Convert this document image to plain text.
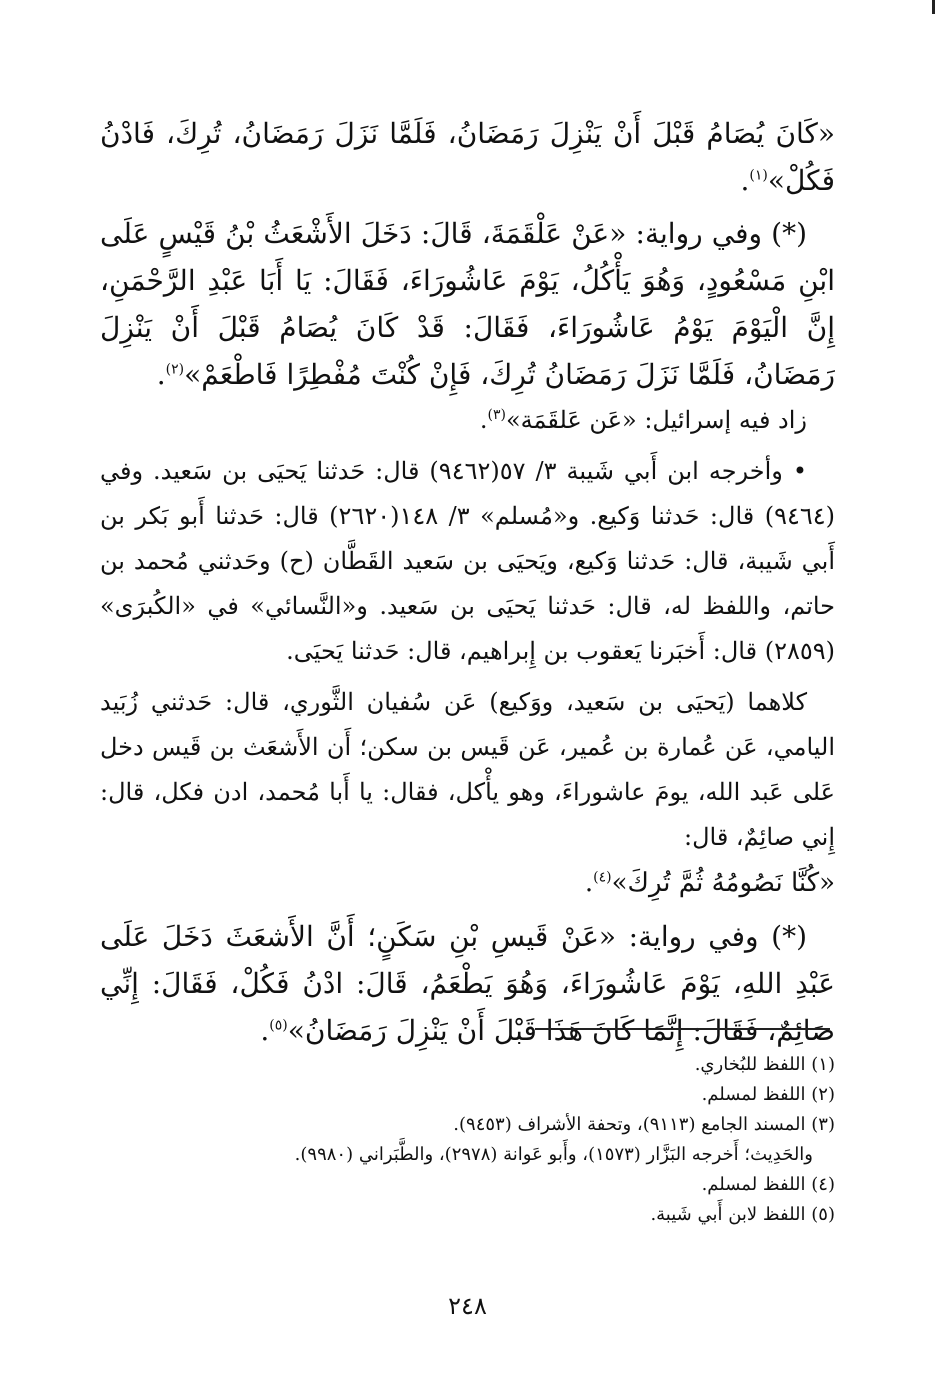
«كَانَ يُصَامُ قَبْلَ أَنْ يَنْزِلَ رَمَضَانُ، فَلَمَّا نَزَلَ رَمَضَانُ، تُرِكَ، فَادْنُ فَكُلْ»$^{(١)}$.

(*) وفي رواية: «عَنْ عَلْقَمَةَ، قَالَ: دَخَلَ الأَشْعَثُ بْنُ قَيْسٍ عَلَى ابْنِ مَسْعُودٍ، وَهُوَ يَأْكُلُ، يَوْمَ عَاشُورَاءَ، فَقَالَ: يَا أَبَا عَبْدِ الرَّحْمَنِ، إِنَّ الْيَوْمَ يَوْمُ عَاشُورَاءَ، فَقَالَ: قَدْ كَانَ يُصَامُ قَبْلَ أَنْ يَنْزِلَ رَمَضَانُ، فَلَمَّا نَزَلَ رَمَضَانُ تُرِكَ، فَإِنْ كُنْتَ مُفْطِرًا فَاطْعَمْ»$^{(٢)}$.

زاد فيه إسرائيل: «عَن عَلقَمَة»$^{(٣)}$.

• وأخرجه ابن أَبي شَيبة ٣/ ٥٧(٩٤٦٢) قال: حَدثنا يَحيَى بن سَعيد. وفي (٩٤٦٤) قال: حَدثنا وَكيع. و«مُسلم» ٣/ ١٤٨(٢٦٢٠) قال: حَدثنا أَبو بَكر بن أَبي شَيبة، قال: حَدثنا وَكيع، ويَحيَى بن سَعيد القَطَّان (ح) وحَدثني مُحمد بن حاتم، واللفظ له، قال: حَدثنا يَحيَى بن سَعيد. و«النَّسائي» في «الكُبرَى» (٢٨٥٩) قال: أَخبَرنا يَعقوب بن إِبراهيم، قال: حَدثنا يَحيَى.

كلاهما (يَحيَى بن سَعيد، ووَكيع) عَن سُفيان الثَّوري، قال: حَدثني زُبَيد اليامي، عَن عُمارة بن عُمير، عَن قَيس بن سكن؛ أَن الأَشعَث بن قَيس دخل عَلى عَبد الله، يومَ عاشوراءَ، وهو يأْكل، فقال: يا أَبا مُحمد، ادن فكل، قال: إِني صائِمٌ، قال:

«كُنَّا نَصُومُهُ ثُمَّ تُرِكَ»$^{(٤)}$.

(*) وفي رواية: «عَنْ قَيسِ بْنِ سَكَنٍ؛ أَنَّ الأَشعَثَ دَخَلَ عَلَى عَبْدِ اللهِ، يَوْمَ عَاشُورَاءَ، وَهُوَ يَطْعَمُ، قَالَ: ادْنُ فَكُلْ، فَقَالَ: إِنِّي صَائِمٌ، فَقَالَ: إِنَّمَا كَانَ هَذَا قَبْلَ أَنْ يَنْزِلَ رَمَضَانُ»$^{(٥)}$.

(١) اللفظ للبُخاري.

(٢) اللفظ لمسلم.

(٣) المسند الجامع (٩١١٣)، وتحفة الأشراف (٩٤٥٣).

والحَدِيث؛ أَخرجه البَزَّار (١٥٧٣)، وأَبو عَوانة (٢٩٧٨)، والطَّبَراني (٩٩٨٠).

(٤) اللفظ لمسلم.

(٥) اللفظ لابن أَبي شَيبة.

٢٤٨
